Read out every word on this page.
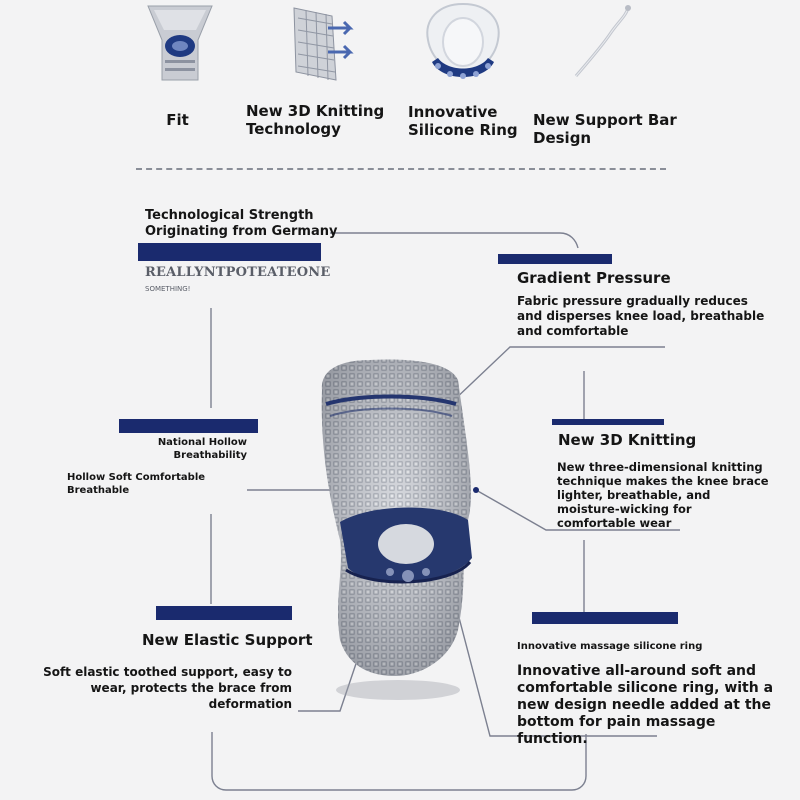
Fit	New 3D Knitting Technology
Innovative Silicone Ring
New Support Bar Design
Technological Strength
Originating from Germany
REALLYNTPOTEATEONE
SOMETHING!
Gradient Pressure
Fabric pressure gradually reduces and disperses knee load, breathable and comfortable
National Hollow Breathability
Hollow Soft Comfortable Breathable
New 3D Knitting
New three-dimensional knitting technique makes the knee brace lighter, breathable, and moisture-wicking for comfortable wear
New Elastic Support
Soft elastic toothed support, easy to wear, protects the brace from deformation
Innovative massage silicone ring
Innovative all-around soft and comfortable silicone ring, with a new design needle added at the bottom for pain massage function.
